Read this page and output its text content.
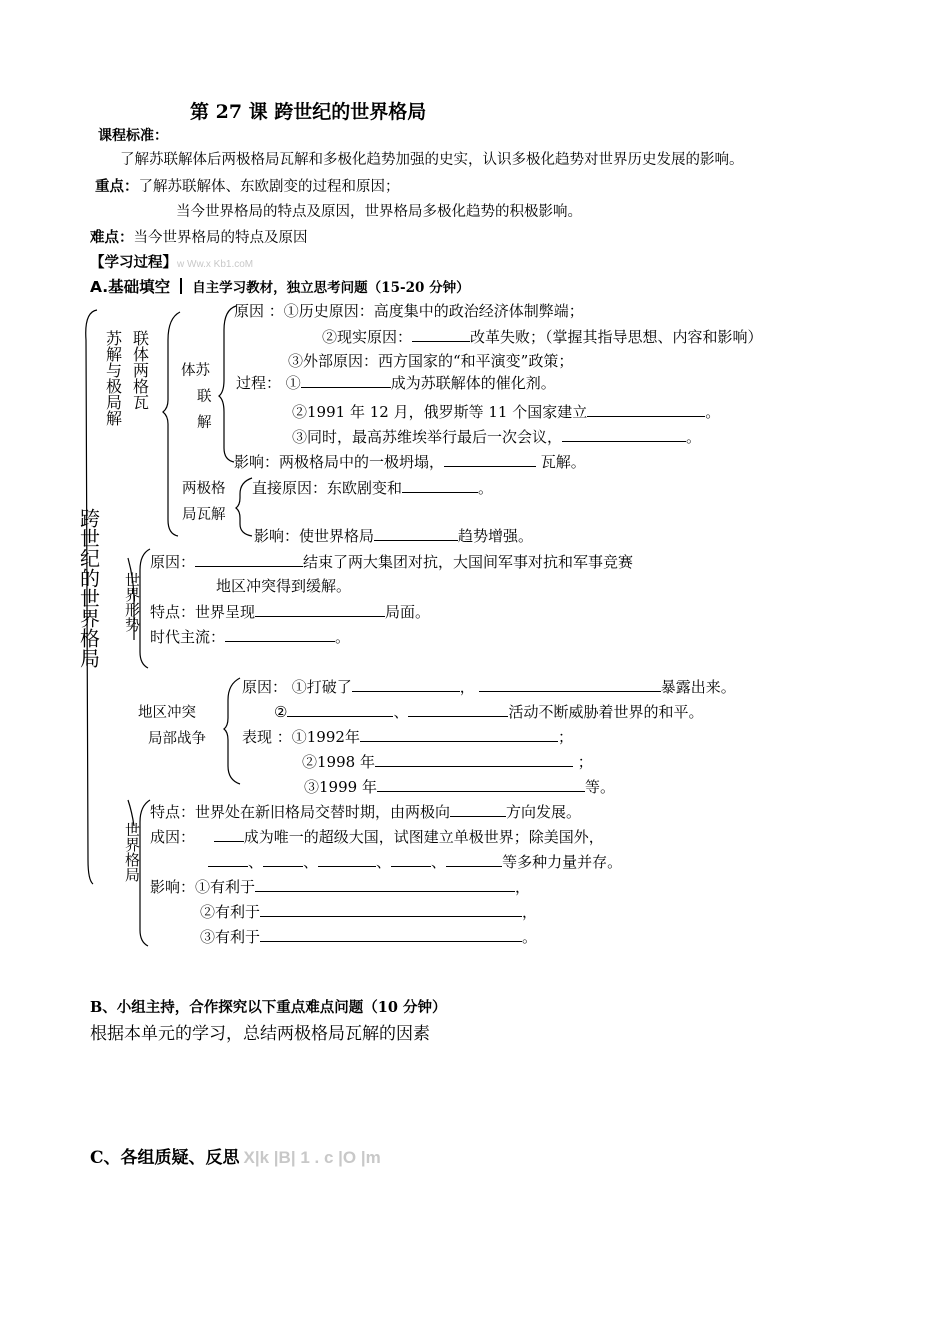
第 27 课 跨世纪的世界格局
课程标准：
了解苏联解体后两极格局瓦解和多极化趋势加强的史实，认识多极化趋势对世界历史发展的影响。
重点：了解苏联解体、东欧剧变的过程和原因；
当今世界格局的特点及原因，世界格局多极化趋势的积极影响。
难点：当今世界格局的特点及原因
【学习过程】w Ww.x Kb1.coM
A.基础填空 自主学习教材，独立思考问题（15-20 分钟）
跨世纪的世界格局
苏解与极局解 联体两格瓦 体苏
联
解
两极格
局瓦解
世界形势
地区冲突
局部战争
世界格局
原因 ：①历史原因：高度集中的政治经济体制弊端；
②现实原因：	改革失败；（掌握其指导思想、内容和影响）
③外部原因：西方国家的“和平演变”政策；
过程： ①	成为苏联解体的催化剂。
②1991 年 12 月，俄罗斯等 11 个国家建立	。
③同时，最高苏维埃举行最后一次会议，	。
影响：两极格局中的一极坍塌，	瓦解。
直接原因：东欧剧变和	。
影响：使世界格局	趋势增强。
原因：	结束了两大集团对抗，大国间军事对抗和军事竞赛
地区冲突得到缓解。
特点：世界呈现	局面。
时代主流：	。
原因： ①打破了	，	暴露出来。
②	、	活动不断威胁着世界的和平。
表现 ：①1992年	；
②1998 年	；
③1999 年	等。
特点：世界处在新旧格局交替时期，由两极向	方向发展。
成因：	成为唯一的超级大国，试图建立单极世界；除美国外，
、	、	、	、	等多种力量并存。
影响：①有利于	，
②有利于	，
③有利于	。
B、小组主持，合作探究以下重点难点问题（10 分钟）
根据本单元的学习，总结两极格局瓦解的因素
C、各组质疑、反思 X|k |B| 1 . c |O |m
